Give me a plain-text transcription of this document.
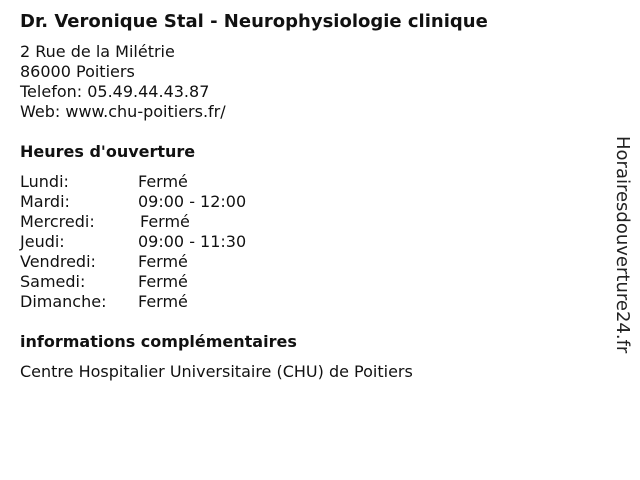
Dr. Veronique Stal - Neurophysiologie clinique
2 Rue de la Milétrie
86000 Poitiers
Telefon: 05.49.44.43.87
Web: www.chu-poitiers.fr/
Heures d'ouverture
Lundi:	Fermé
Mardi:	09:00 - 12:00
Mercredi:	Fermé
Jeudi:	09:00 - 11:30
Vendredi:	Fermé
Samedi:	Fermé
Dimanche: Fermé
informations complémentaires
Centre Hospitalier Universitaire (CHU) de Poitiers
Horairesdouverture24.fr
